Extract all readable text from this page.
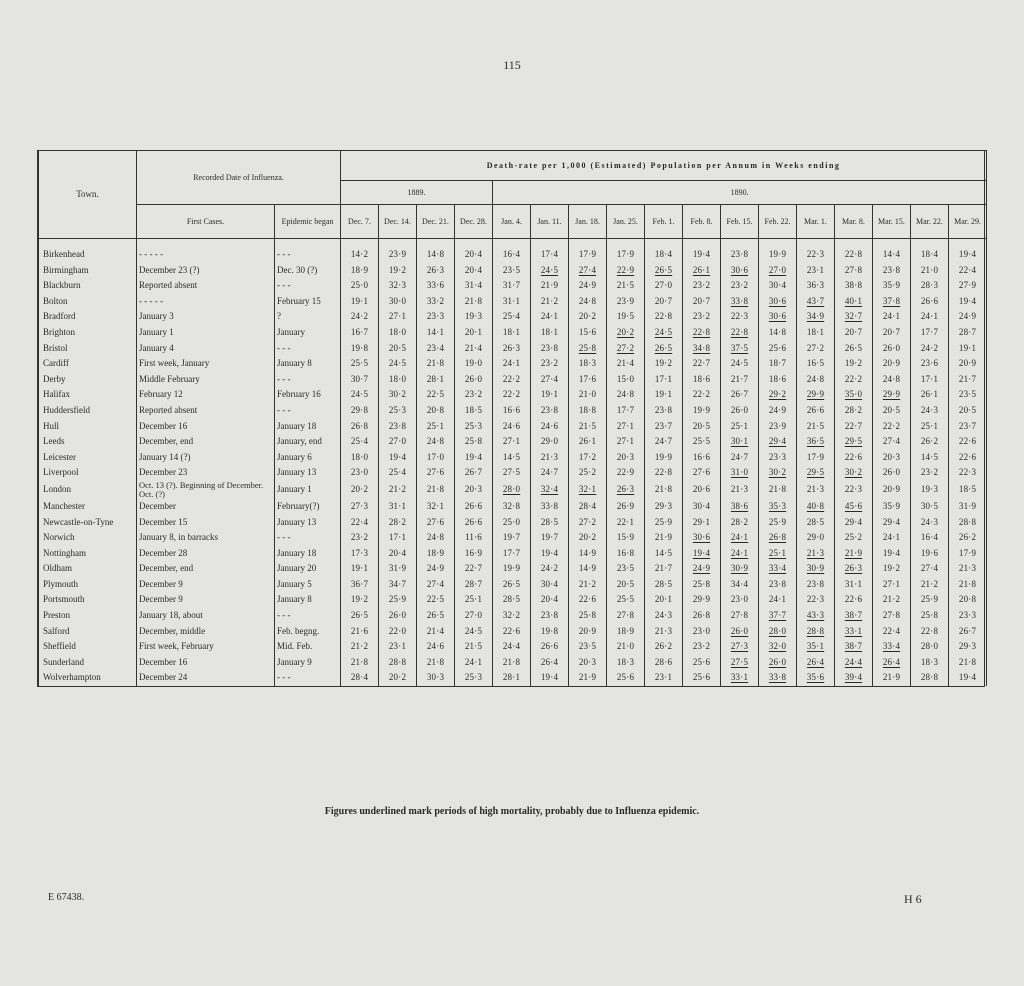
115
Town.	Recorded Date of Influenza.		Death-rate per 1,000 (Estimated) Population per Annum in Weeks ending																
			1889.				1890.												
	First Cases.	Epidemic began	Dec. 7.	Dec. 14.	Dec. 21.	Dec. 28.	Jan. 4.	Jan. 11.	Jan. 18.	Jan. 25.	Feb. 1.	Feb. 8.	Feb. 15.	Feb. 22.	Mar. 1.	Mar. 8.	Mar. 15.	Mar. 22.	Mar. 29.
Birkenhead	- - - - -	- - -	14·2	23·9	14·8	20·4	16·4	17·4	17·9	17·9	18·4	19·4	23·8	19·9	22·3	22·8	14·4	18·4	19·4
Birmingham	December 23 (?)	Dec. 30 (?)	18·9	19·2	26·3	20·4	23·5	24·5	27·4	22·9	26·5	26·1	30·6	27·0	23·1	27·8	23·8	21·0	22·4
Blackburn	Reported absent	- - -	25·0	32·3	33·6	31·4	31·7	21·9	24·9	21·5	27·0	23·2	23·2	30·4	36·3	38·8	35·9	28·3	27·9
Bolton	- - - - -	February 15	19·1	30·0	33·2	21·8	31·1	21·2	24·8	23·9	20·7	20·7	33·8	30·6	43·7	40·1	37·8	26·6	19·4
Bradford	January 3	?	24·2	27·1	23·3	19·3	25·4	24·1	20·2	19·5	22·8	23·2	22·3	30·6	34·9	32·7	24·1	24·1	24·9
Brighton	January 1	January	16·7	18·0	14·1	20·1	18·1	18·1	15·6	20·2	24·5	22·8	22·8	14·8	18·1	20·7	20·7	17·7	28·7
Bristol	January 4	- - -	19·8	20·5	23·4	21·4	26·3	23·8	25·8	27·2	26·5	34·8	37·5	25·6	27·2	26·5	26·0	24·2	19·1
Cardiff	First week, January	January 8	25·5	24·5	21·8	19·0	24·1	23·2	18·3	21·4	19·2	22·7	24·5	18·7	16·5	19·2	20·9	23·6	20·9
Derby	Middle February	- - -	30·7	18·0	28·1	26·0	22·2	27·4	17·6	15·0	17·1	18·6	21·7	18·6	24·8	22·2	24·8	17·1	21·7
Halifax	February 12	February 16	24·5	30·2	22·5	23·2	22·2	19·1	21·0	24·8	19·1	22·2	26·7	29·2	29·9	35·0	29·9	26·1	23·5
Huddersfield	Reported absent	- - -	29·8	25·3	20·8	18·5	16·6	23·8	18·8	17·7	23·8	19·9	26·0	24·9	26·6	28·2	20·5	24·3	20·5
Hull	December 16	January 18	26·8	23·8	25·1	25·3	24·6	24·6	21·5	27·1	23·7	20·5	25·1	23·9	21·5	22·7	22·2	25·1	23·7
Leeds	December, end	January, end	25·4	27·0	24·8	25·8	27·1	29·0	26·1	27·1	24·7	25·5	30·1	29·4	36·5	29·5	27·4	26·2	22·6
Leicester	January 14 (?)	January 6	18·0	19·4	17·0	19·4	14·5	21·3	17·2	20·3	19·9	16·6	24·7	23·3	17·9	22·6	20·3	14·5	22·6
Liverpool	December 23	January 13	23·0	25·4	27·6	26·7	27·5	24·7	25·2	22·9	22·8	27·6	31·0	30·2	29·5	30·2	26·0	23·2	22·3
London	Oct. 13 (?). Beginning of December. Oct. (?)	January 1	20·2	21·2	21·8	20·3	28·0	32·4	32·1	26·3	21·8	20·6	21·3	21·8	21·3	22·3	20·9	19·3	18·5
Manchester	December	February(?)	27·3	31·1	32·1	26·6	32·8	33·8	28·4	26·9	29·3	30·4	38·6	35·3	40·8	45·6	35·9	30·5	31·9
Newcastle-on-Tyne	December 15	January 13	22·4	28·2	27·6	26·6	25·0	28·5	27·2	22·1	25·9	29·1	28·2	25·9	28·5	29·4	29·4	24·3	28·8
Norwich	January 8, in barracks	- - -	23·2	17·1	24·8	11·6	19·7	19·7	20·2	15·9	21·9	30·6	24·1	26·8	29·0	25·2	24·1	16·4	26·2
Nottingham	December 28	January 18	17·3	20·4	18·9	16·9	17·7	19·4	14·9	16·8	14·5	19·4	24·1	25·1	21·3	21·9	19·4	19·6	17·9
Oldham	December, end	January 20	19·1	31·9	24·9	22·7	19·9	24·2	14·9	23·5	21·7	24·9	30·9	33·4	30·9	26·3	19·2	27·4	21·3
Plymouth	December 9	January 5	36·7	34·7	27·4	28·7	26·5	30·4	21·2	20·5	28·5	25·8	34·4	23·8	23·8	31·1	27·1	21·2	21·8
Portsmouth	December 9	January 8	19·2	25·9	22·5	25·1	28·5	20·4	22·6	25·5	20·1	29·9	23·0	24·1	22·3	22·6	21·2	25·9	20·8
Preston	January 18, about	- - -	26·5	26·0	26·5	27·0	32·2	23·8	25·8	27·8	24·3	26·8	27·8	37·7	43·3	38·7	27·8	25·8	23·3
Salford	December, middle	Feb. begng.	21·6	22·0	21·4	24·5	22·6	19·8	20·9	18·9	21·3	23·0	26·0	28·0	28·8	33·1	22·4	22·8	26·7
Sheffield	First week, February	Mid. Feb.	21·2	23·1	24·6	21·5	24·4	26·6	23·5	21·0	26·2	23·2	27·3	32·0	35·1	38·7	33·4	28·0	29·3
Sunderland	December 16	January 9	21·8	28·8	21·8	24·1	21·8	26·4	20·3	18·3	28·6	25·6	27·5	26·0	26·4	24·4	26·4	18·3	21·8
Wolverhampton	December 24	- - -	28·4	20·2	30·3	25·3	28·1	19·4	21·9	25·6	23·1	25·6	33·1	33·8	35·6	39·4	21·9	28·8	19·4
Figures underlined mark periods of high mortality, probably due to Influenza epidemic.
E 67438.	H 6
